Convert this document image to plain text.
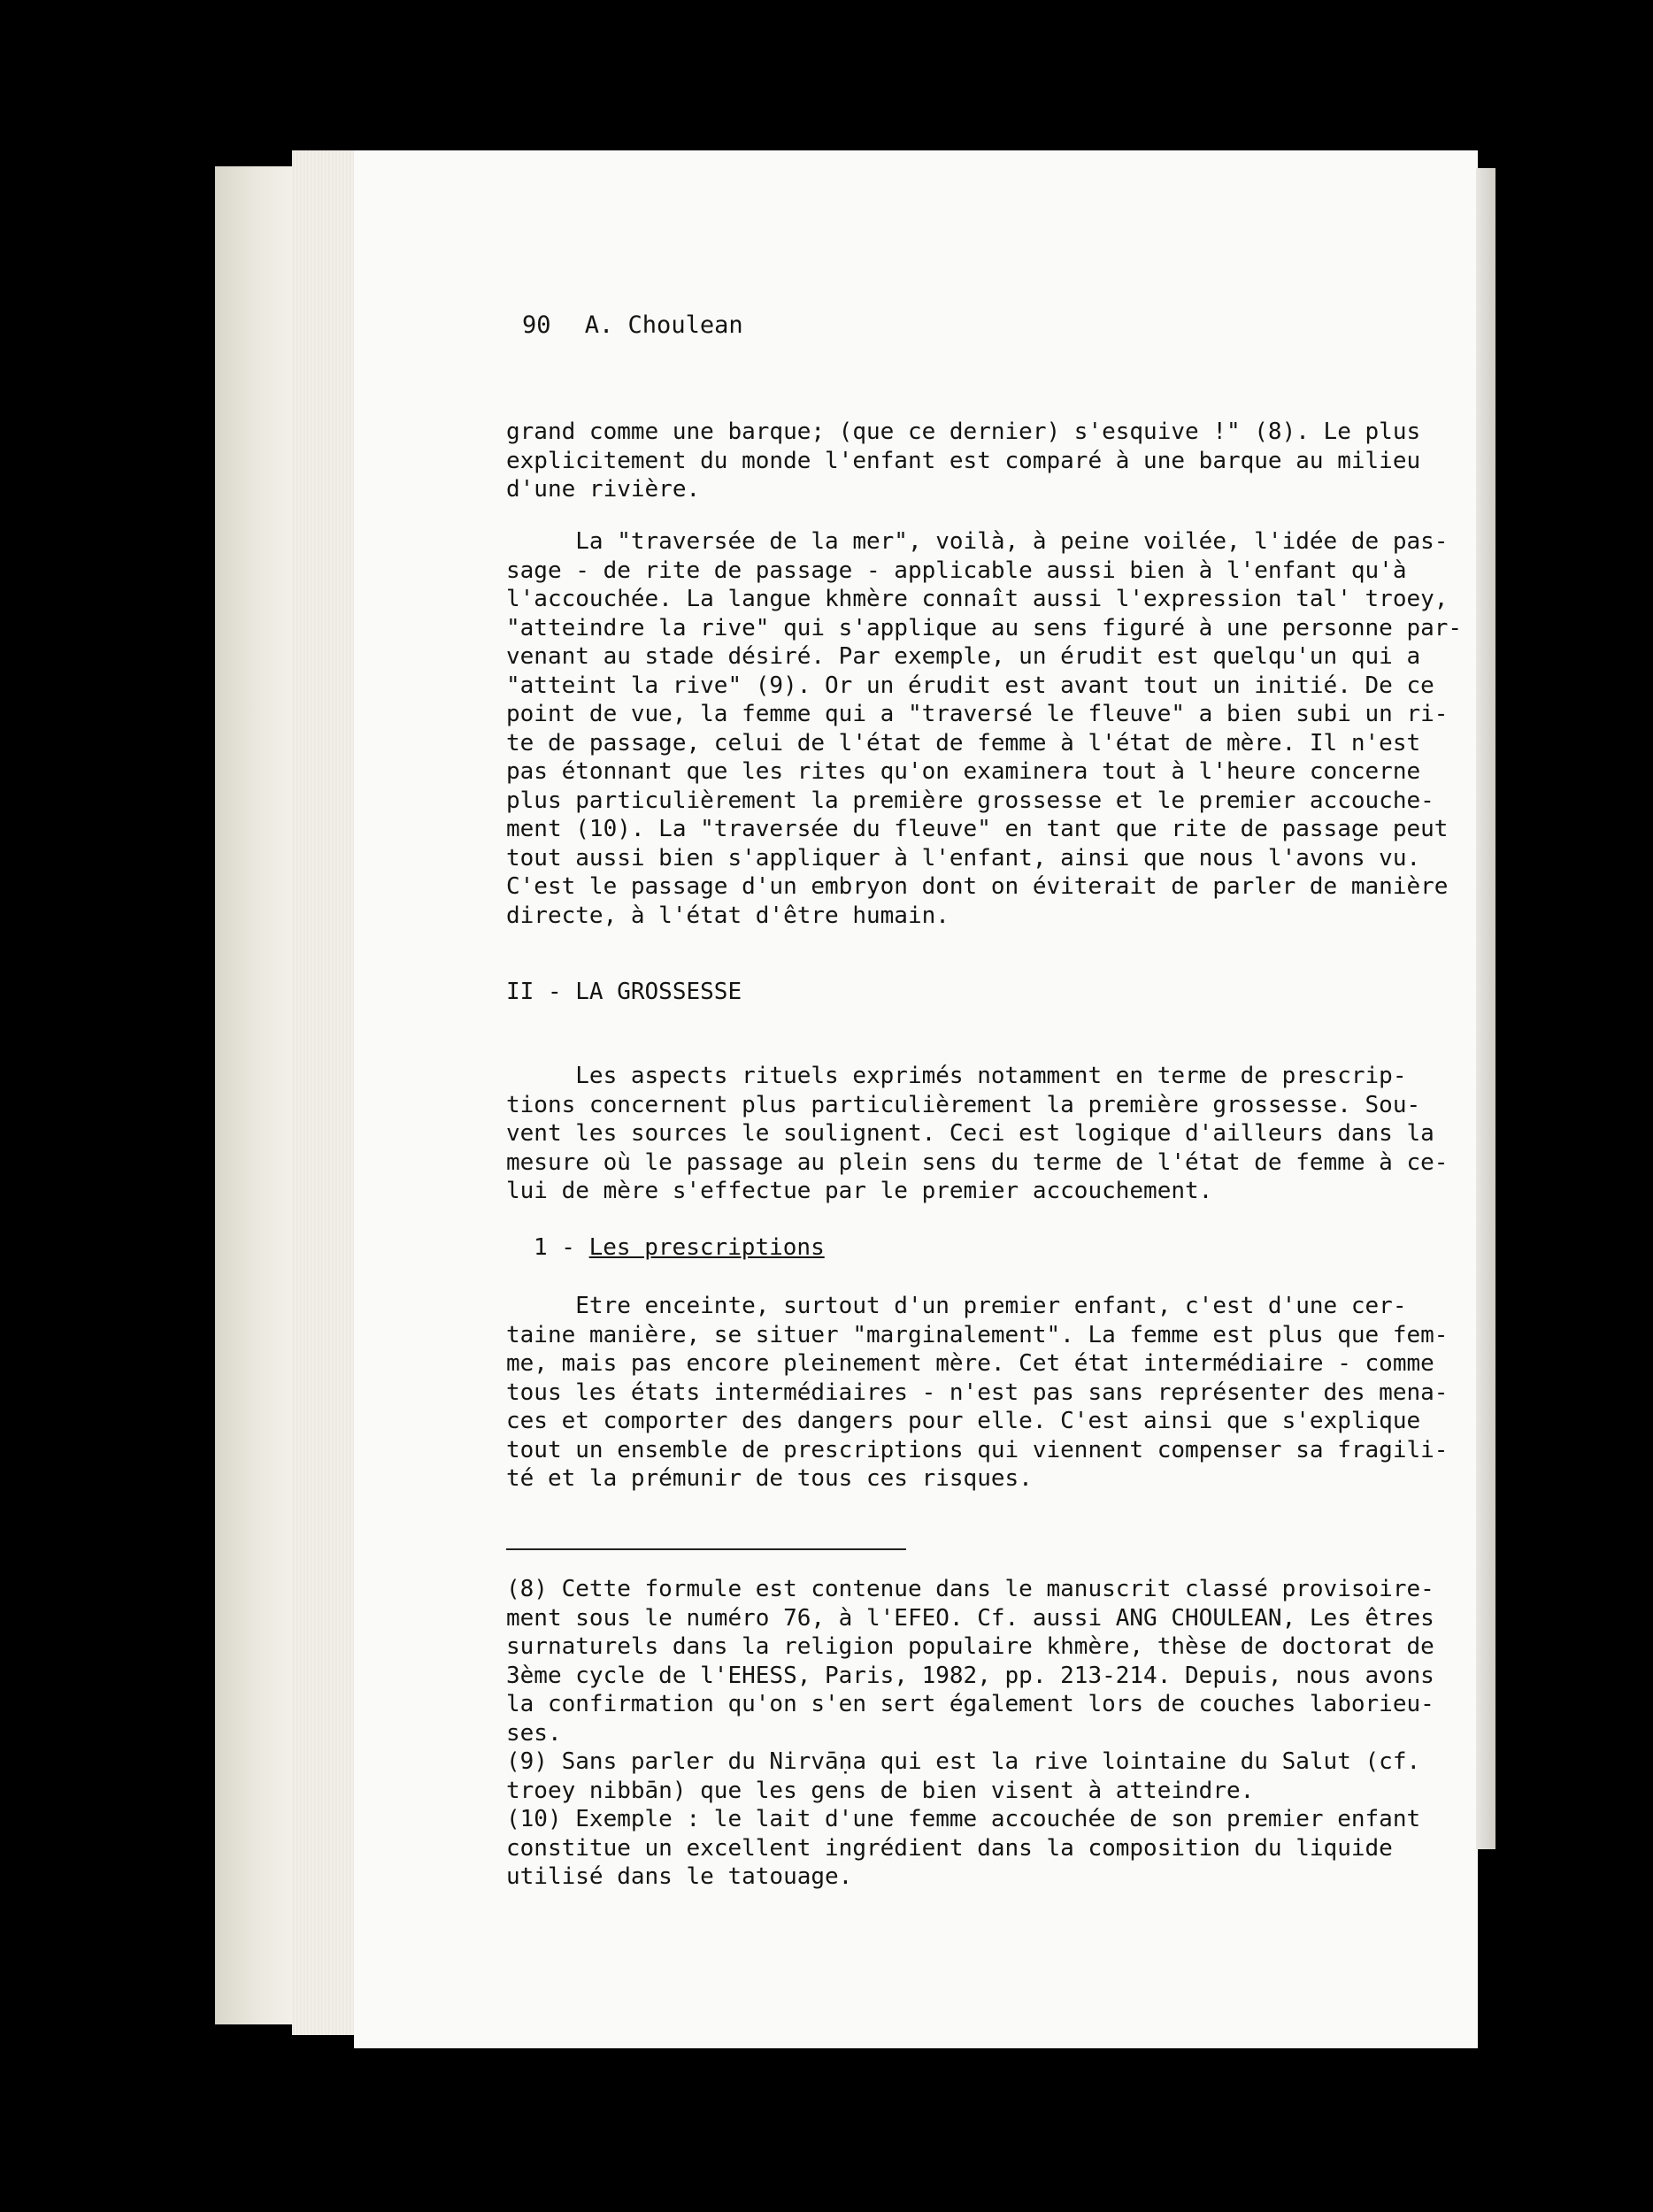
90 A. Choulean
grand comme une barque; (que ce dernier) s'esquive !" (8). Le plus
explicitement du monde l'enfant est comparé à une barque au milieu
d'une rivière.
La "traversée de la mer", voilà, à peine voilée, l'idée de pas-
sage - de rite de passage - applicable aussi bien à l'enfant qu'à
l'accouchée. La langue khmère connaît aussi l'expression tal' troey,
"atteindre la rive" qui s'applique au sens figuré à une personne par-
venant au stade désiré. Par exemple, un érudit est quelqu'un qui a
"atteint la rive" (9). Or un érudit est avant tout un initié. De ce
point de vue, la femme qui a "traversé le fleuve" a bien subi un ri-
te de passage, celui de l'état de femme à l'état de mère. Il n'est
pas étonnant que les rites qu'on examinera tout à l'heure concerne
plus particulièrement la première grossesse et le premier accouche-
ment (10). La "traversée du fleuve" en tant que rite de passage peut
tout aussi bien s'appliquer à l'enfant, ainsi que nous l'avons vu.
C'est le passage d'un embryon dont on éviterait de parler de manière
directe, à l'état d'être humain.
II - LA GROSSESSE
Les aspects rituels exprimés notamment en terme de prescrip-
tions concernent plus particulièrement la première grossesse. Sou-
vent les sources le soulignent. Ceci est logique d'ailleurs dans la
mesure où le passage au plein sens du terme de l'état de femme à ce-
lui de mère s'effectue par le premier accouchement.
1 - Les prescriptions
Etre enceinte, surtout d'un premier enfant, c'est d'une cer-
taine manière, se situer "marginalement". La femme est plus que fem-
me, mais pas encore pleinement mère. Cet état intermédiaire - comme
tous les états intermédiaires - n'est pas sans représenter des mena-
ces et comporter des dangers pour elle. C'est ainsi que s'explique
tout un ensemble de prescriptions qui viennent compenser sa fragili-
té et la prémunir de tous ces risques.
(8) Cette formule est contenue dans le manuscrit classé provisoire-
ment sous le numéro 76, à l'EFEO. Cf. aussi ANG CHOULEAN, Les êtres
surnaturels dans la religion populaire khmère, thèse de doctorat de
3ème cycle de l'EHESS, Paris, 1982, pp. 213-214. Depuis, nous avons
la confirmation qu'on s'en sert également lors de couches laborieu-
ses.
(9) Sans parler du Nirvāṇa qui est la rive lointaine du Salut (cf.
troey nibbān) que les gens de bien visent à atteindre.
(10) Exemple : le lait d'une femme accouchée de son premier enfant
constitue un excellent ingrédient dans la composition du liquide
utilisé dans le tatouage.
